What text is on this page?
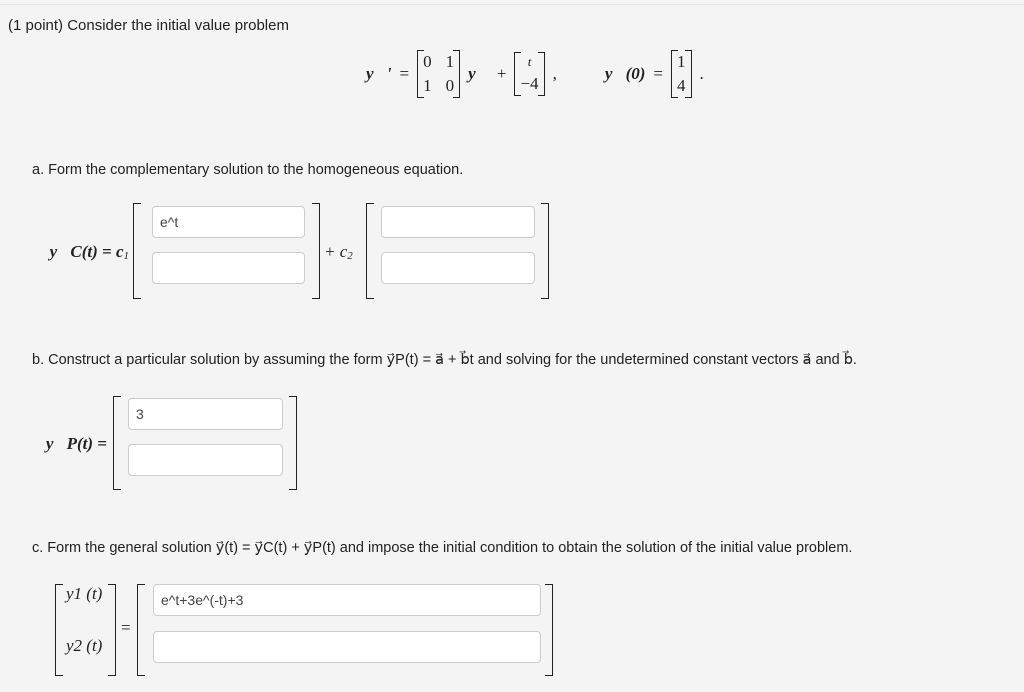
(1 point) Consider the initial value problem
y⃗' =
0 1
1 0
y⃗ +
t
−4
,	y⃗(0) =
1
4
.
a. Form the complementary solution to the homogeneous equation.
y⃗C(t) = c 1
e^t	+ c 2
b. Construct a particular solution by assuming the form y⃗P(t) = a⃗ + b⃗t and solving for the undetermined constant vectors a⃗ and b⃗.
y⃗P(t) =
3
c. Form the general solution y⃗(t) = y⃗C(t) + y⃗P(t) and impose the initial condition to obtain the solution of the initial value problem.
y1 (t)
y2 (t)
=
e^t+3e^(-t)+3
